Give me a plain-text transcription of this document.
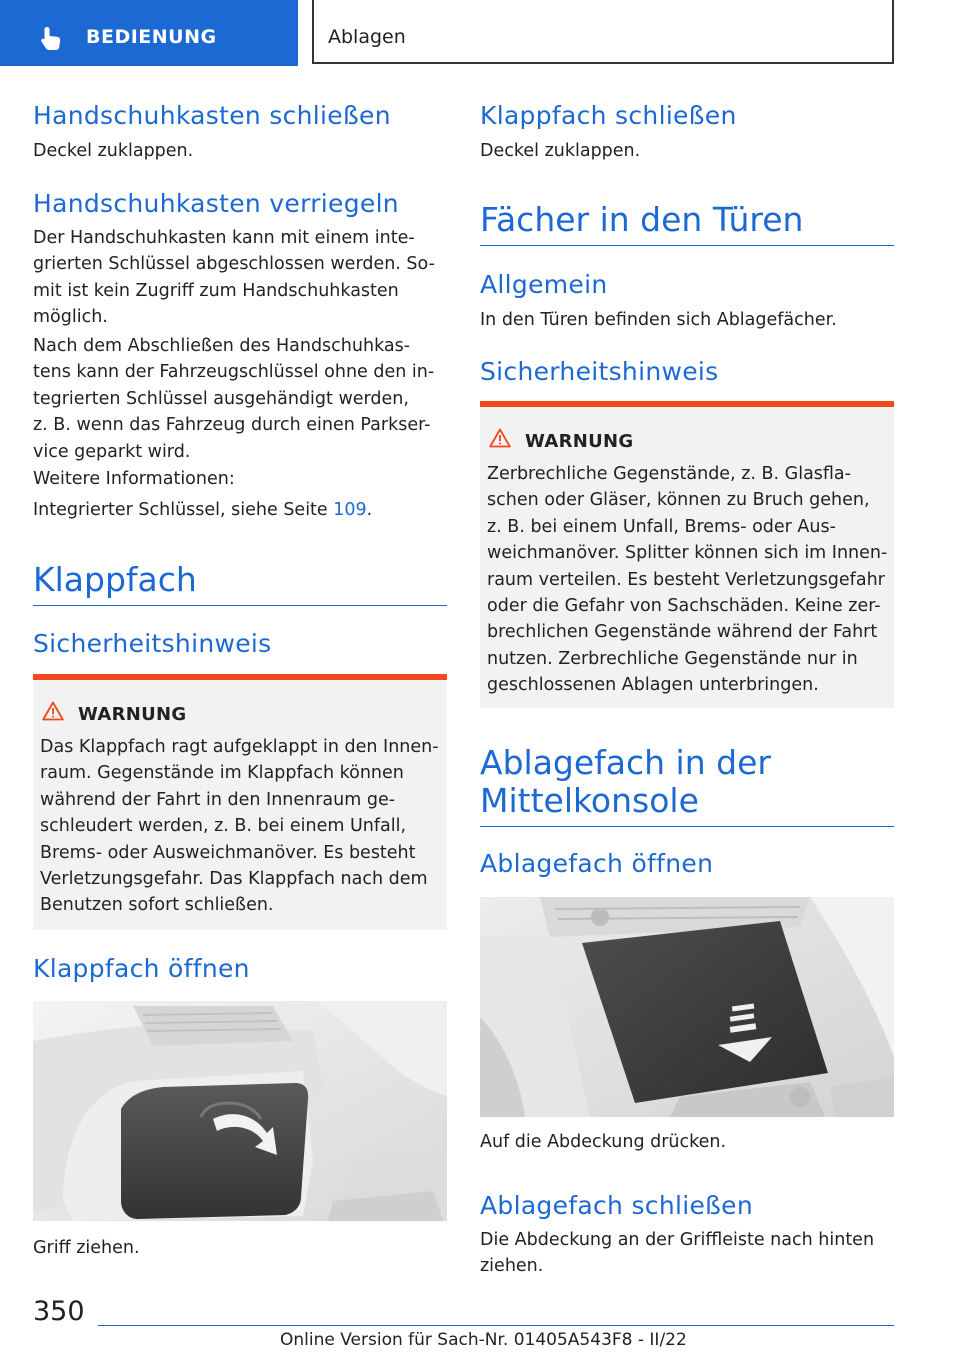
BEDIENUNG	Ablagen
Handschuhkasten schließen

Deckel zuklappen.

Handschuhkasten verriegeln

Der Handschuhkasten kann mit einem inte-
grierten Schlüssel abgeschlossen werden. So-
mit ist kein Zugriff zum Handschuhkasten
möglich.

Nach dem Abschließen des Handschuhkas-
tens kann der Fahrzeugschlüssel ohne den in-
tegrierten Schlüssel ausgehändigt werden,
z. B. wenn das Fahrzeug durch einen Parkser-
vice geparkt wird.

Weitere Informationen:

Integrierter Schlüssel, siehe Seite 109.

Klappfach
Sicherheitshinweis
WARNUNG

Das Klappfach ragt aufgeklappt in den Innen-
raum. Gegenstände im Klappfach können
während der Fahrt in den Innenraum ge-
schleudert werden, z. B. bei einem Unfall,
Brems- oder Ausweichmanöver. Es besteht
Verletzungsgefahr. Das Klappfach nach dem
Benutzen sofort schließen.

Klappfach öffnen

Griff ziehen.

Klappfach schließen

Deckel zuklappen.

Fächer in den Türen
Allgemein

In den Türen befinden sich Ablagefächer.

Sicherheitshinweis
WARNUNG

Zerbrechliche Gegenstände, z. B. Glasfla-
schen oder Gläser, können zu Bruch gehen,
z. B. bei einem Unfall, Brems- oder Aus-
weichmanöver. Splitter können sich im Innen-
raum verteilen. Es besteht Verletzungsgefahr
oder die Gefahr von Sachschäden. Keine zer-
brechlichen Gegenstände während der Fahrt
nutzen. Zerbrechliche Gegenstände nur in
geschlossenen Ablagen unterbringen.

Ablagefach in der
Mittelkonsole
Ablagefach öffnen

Auf die Abdeckung drücken.

Ablagefach schließen

Die Abdeckung an der Griffleiste nach hinten
ziehen.

350
Online Version für Sach-Nr. 01405A543F8 - II/22
